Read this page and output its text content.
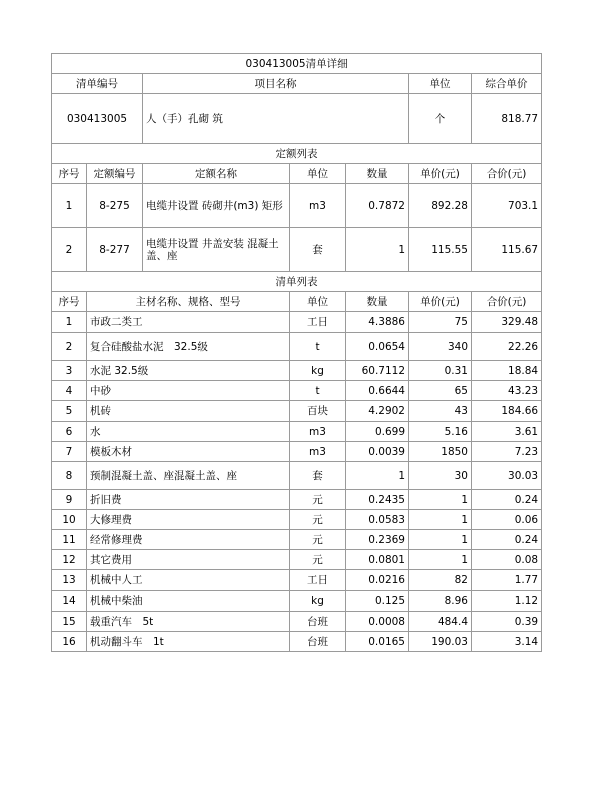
030413005清单详细						
清单编号		项目名称			单位	综合单价
030413005		人（手）孔砌 筑			个	818.77
定额列表						
序号	定额编号	定额名称	单位	数量	单价(元)	合价(元)
1	8-275	电缆井设置 砖砌井(m3) 矩形	m3	0.7872	892.28	703.1
2	8-277	电缆井设置 井盖安装 混凝土盖、座	套	1	115.55	115.67
清单列表						
序号	主材名称、规格、型号		单位	数量	单价(元)	合价(元)
1	市政二类工		工日	4.3886	75	329.48
2	复合硅酸盐水泥　32.5级		t	0.0654	340	22.26
3	水泥 32.5级		kg	60.7112	0.31	18.84
4	中砂		t	0.6644	65	43.23
5	机砖		百块	4.2902	43	184.66
6	水		m3	0.699	5.16	3.61
7	模板木材		m3	0.0039	1850	7.23
8	预制混凝土盖、座混凝土盖、座		套	1	30	30.03
9	折旧费		元	0.2435	1	0.24
10	大修理费		元	0.0583	1	0.06
11	经常修理费		元	0.2369	1	0.24
12	其它费用		元	0.0801	1	0.08
13	机械中人工		工日	0.0216	82	1.77
14	机械中柴油		kg	0.125	8.96	1.12
15	载重汽车　5t		台班	0.0008	484.4	0.39
16	机动翻斗车　1t		台班	0.0165	190.03	3.14
